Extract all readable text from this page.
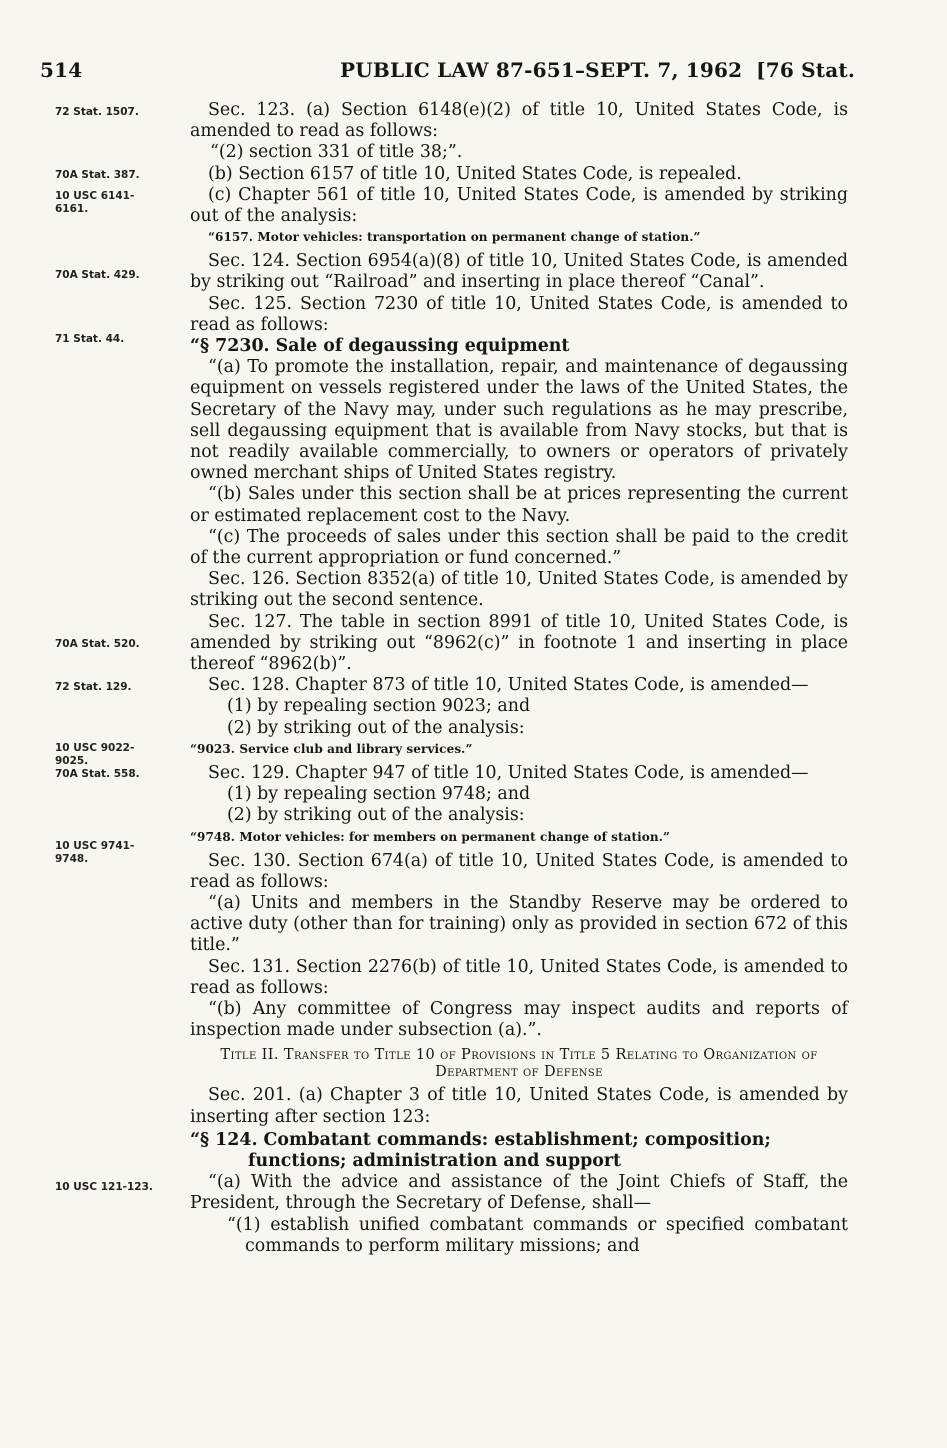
514	PUBLIC LAW 87-651–SEPT. 7, 1962 [76 Stat.
72 Stat. 1507.
70A Stat. 387.
10 USC 6141-6161.
70A Stat. 429.
71 Stat. 44.
70A Stat. 520.
72 Stat. 129.
10 USC 9022-9025.
70A Stat. 558.
10 USC 9741-9748.
10 USC 121-123.

Sec. 123. (a) Section 6148(e)(2) of title 10, United States Code, is amended to read as follows:

“(2) section 331 of title 38;”.

(b) Section 6157 of title 10, United States Code, is repealed.

(c) Chapter 561 of title 10, United States Code, is amended by striking out of the analysis:

“6157. Motor vehicles: transportation on permanent change of station.”

Sec. 124. Section 6954(a)(8) of title 10, United States Code, is amended by striking out “Railroad” and inserting in place thereof “Canal”.

Sec. 125. Section 7230 of title 10, United States Code, is amended to read as follows:

“§ 7230. Sale of degaussing equipment

“(a) To promote the installation, repair, and maintenance of degaussing equipment on vessels registered under the laws of the United States, the Secretary of the Navy may, under such regulations as he may prescribe, sell degaussing equipment that is available from Navy stocks, but that is not readily available commercially, to owners or operators of privately owned merchant ships of United States registry.

“(b) Sales under this section shall be at prices representing the current or estimated replacement cost to the Navy.

“(c) The proceeds of sales under this section shall be paid to the credit of the current appropriation or fund concerned.”

Sec. 126. Section 8352(a) of title 10, United States Code, is amended by striking out the second sentence.

Sec. 127. The table in section 8991 of title 10, United States Code, is amended by striking out “8962(c)” in footnote 1 and inserting in place thereof “8962(b)”.

Sec. 128. Chapter 873 of title 10, United States Code, is amended—

(1) by repealing section 9023; and

(2) by striking out of the analysis:

“9023. Service club and library services.”

Sec. 129. Chapter 947 of title 10, United States Code, is amended—

(1) by repealing section 9748; and

(2) by striking out of the analysis:

“9748. Motor vehicles: for members on permanent change of station.”

Sec. 130. Section 674(a) of title 10, United States Code, is amended to read as follows:

“(a) Units and members in the Standby Reserve may be ordered to active duty (other than for training) only as provided in section 672 of this title.”

Sec. 131. Section 2276(b) of title 10, United States Code, is amended to read as follows:

“(b) Any committee of Congress may inspect audits and reports of inspection made under subsection (a).”.

Title II. Transfer to Title 10 of Provisions in Title 5 Relating to Organization of Department of Defense

Sec. 201. (a) Chapter 3 of title 10, United States Code, is amended by inserting after section 123:

“§ 124. Combatant commands: establishment; composition; functions; administration and support

“(a) With the advice and assistance of the Joint Chiefs of Staff, the President, through the Secretary of Defense, shall—

“(1) establish unified combatant commands or specified combatant commands to perform military missions; and
